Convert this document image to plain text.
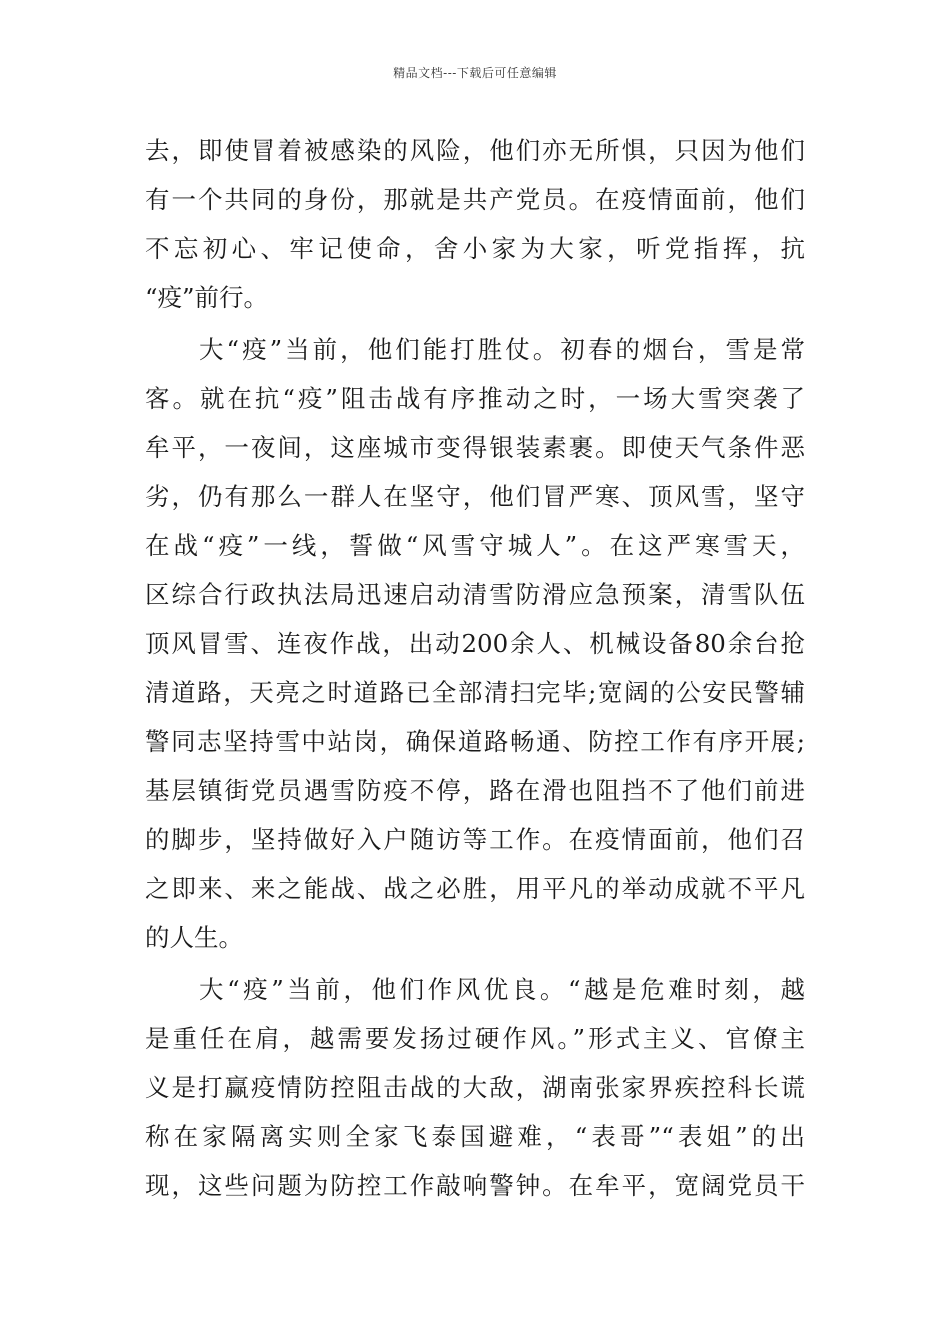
精品文档---下载后可任意编辑
去，即使冒着被感染的风险，他们亦无所惧，只因为他们
有一个共同的身份，那就是共产党员。在疫情面前，他们
不忘初心、牢记使命，舍小家为大家，听党指挥，抗
“疫”前行。
大“疫”当前，他们能打胜仗。初春的烟台，雪是常
客。就在抗“疫”阻击战有序推动之时，一场大雪突袭了
牟平，一夜间，这座城市变得银装素裹。即使天气条件恶
劣，仍有那么一群人在坚守，他们冒严寒、顶风雪，坚守
在战“疫”一线，誓做“风雪守城人”。在这严寒雪天，
区综合行政执法局迅速启动清雪防滑应急预案，清雪队伍
顶风冒雪、连夜作战，出动200余人、机械设备80余台抢
清道路，天亮之时道路已全部清扫完毕;宽阔的公安民警辅
警同志坚持雪中站岗，确保道路畅通、防控工作有序开展;
基层镇街党员遇雪防疫不停，路在滑也阻挡不了他们前进
的脚步，坚持做好入户随访等工作。在疫情面前，他们召
之即来、来之能战、战之必胜，用平凡的举动成就不平凡
的人生。
大“疫”当前，他们作风优良。“越是危难时刻，越
是重任在肩，越需要发扬过硬作风。”形式主义、官僚主
义是打赢疫情防控阻击战的大敌，湖南张家界疾控科长谎
称在家隔离实则全家飞泰国避难，“表哥”“表姐”的出
现，这些问题为防控工作敲响警钟。在牟平，宽阔党员干
